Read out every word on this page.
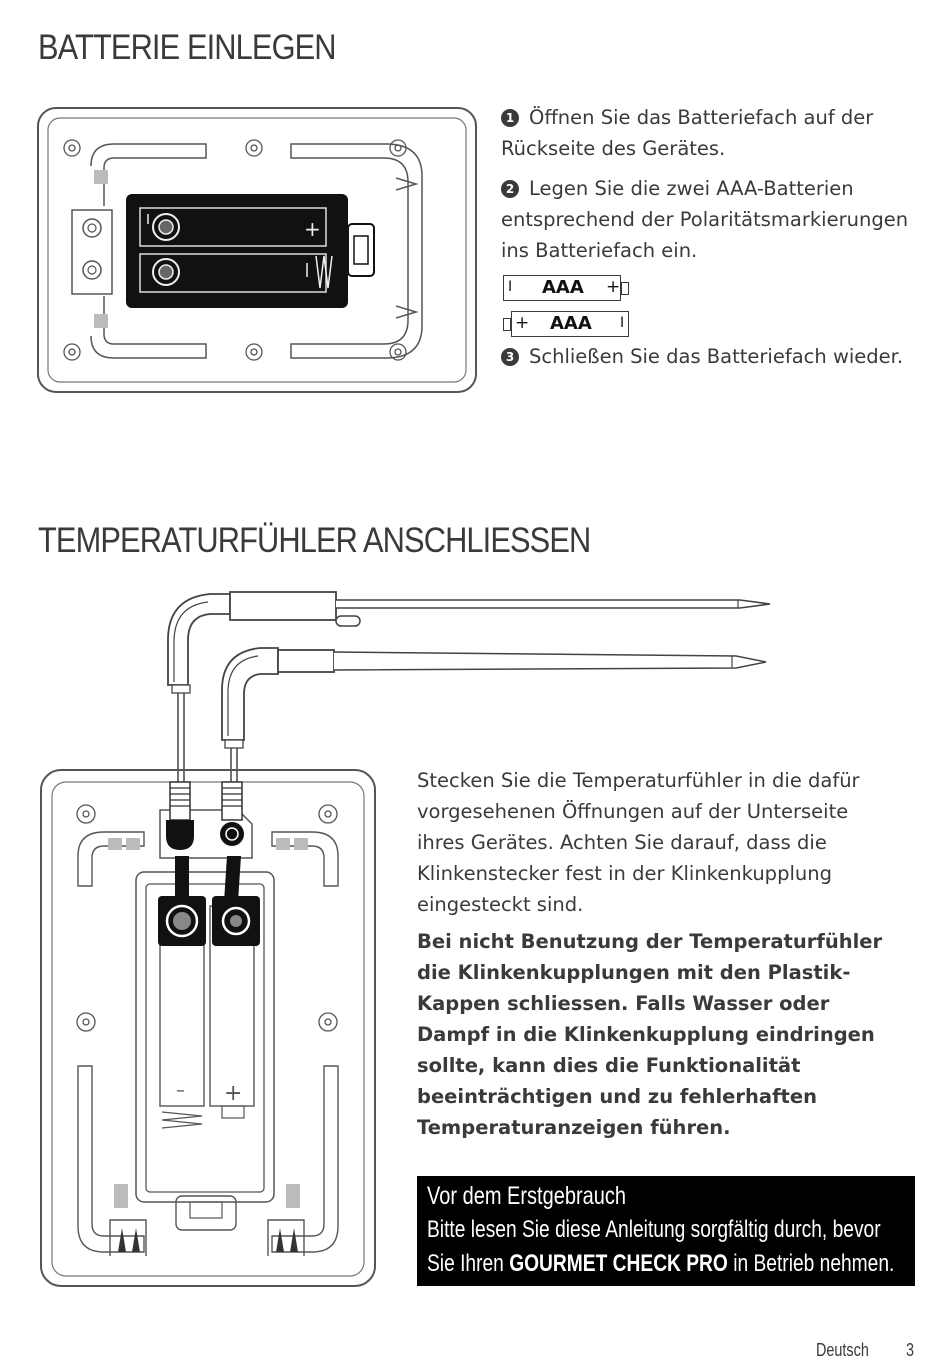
BATTERIE EINLEGEN
+

1 Öffnen Sie das Batteriefach auf der Rückseite des Gerätes.

2 Legen Sie die zwei AAA-Batterien entsprechend der Polaritätsmarkierungen ins Batteriefach ein.

I AAA +
+ AAA I

3 Schließen Sie das Batteriefach wieder.

TEMPERATURFÜHLER ANSCHLIESSEN
– +

Stecken Sie die Temperaturfühler in die dafür vorgesehenen Öffnungen auf der Unterseite ihres Gerätes. Achten Sie darauf, dass die Klinkenstecker fest in der Klinkenkupplung eingesteckt sind.

Bei nicht Benutzung der Temperaturfühler die Klinkenkupplungen mit den Plastik-Kappen schliessen. Falls Wasser oder Dampf in die Klinkenkupplung eindringen sollte, kann dies die Funktionalität beeinträchtigen und zu fehlerhaften Temperaturanzeigen führen.

Vor dem Erstgebrauch
Bitte lesen Sie diese Anleitung sorgfältig durch, bevor Sie Ihren GOURMET CHECK PRO in Betrieb nehmen.
Deutsch 3
